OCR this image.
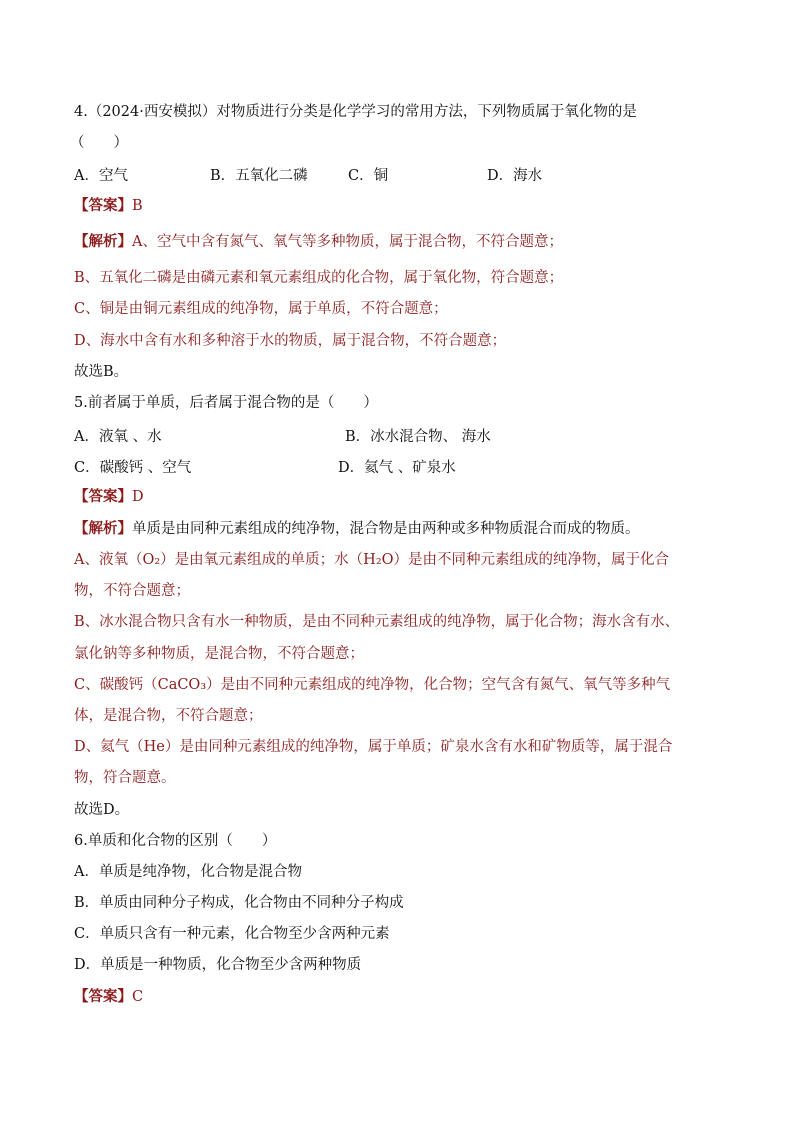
4.（2024·西安模拟）对物质进行分类是化学学习的常用方法，下列物质属于氧化物的是
（　　）
A．空气	B．五氧化二磷	C．铜	D．海水
【答案】B
【解析】A、空气中含有氮气、氧气等多种物质，属于混合物，不符合题意；
B、五氧化二磷是由磷元素和氧元素组成的化合物，属于氧化物，符合题意；
C、铜是由铜元素组成的纯净物，属于单质，不符合题意；
D、海水中含有水和多种溶于水的物质，属于混合物，不符合题意；
故选B。
5.前者属于单质，后者属于混合物的是（　　）
A．液氧 、水	B．冰水混合物、 海水
C．碳酸钙 、空气	D．氦气 、矿泉水
【答案】D
【解析】单质是由同种元素组成的纯净物，混合物是由两种或多种物质混合而成的物质。
A、液氧（O₂）是由氧元素组成的单质；水（H₂O）是由不同种元素组成的纯净物，属于化合
物，不符合题意；
B、冰水混合物只含有水一种物质，是由不同种元素组成的纯净物，属于化合物；海水含有水、
氯化钠等多种物质，是混合物，不符合题意；
C、碳酸钙（CaCO₃）是由不同种元素组成的纯净物，化合物；空气含有氮气、氧气等多种气
体，是混合物，不符合题意；
D、氦气（He）是由同种元素组成的纯净物，属于单质；矿泉水含有水和矿物质等，属于混合
物，符合题意。
故选D。
6.单质和化合物的区别（　　）
A．单质是纯净物，化合物是混合物
B．单质由同种分子构成，化合物由不同种分子构成
C．单质只含有一种元素，化合物至少含两种元素
D．单质是一种物质，化合物至少含两种物质
【答案】C
